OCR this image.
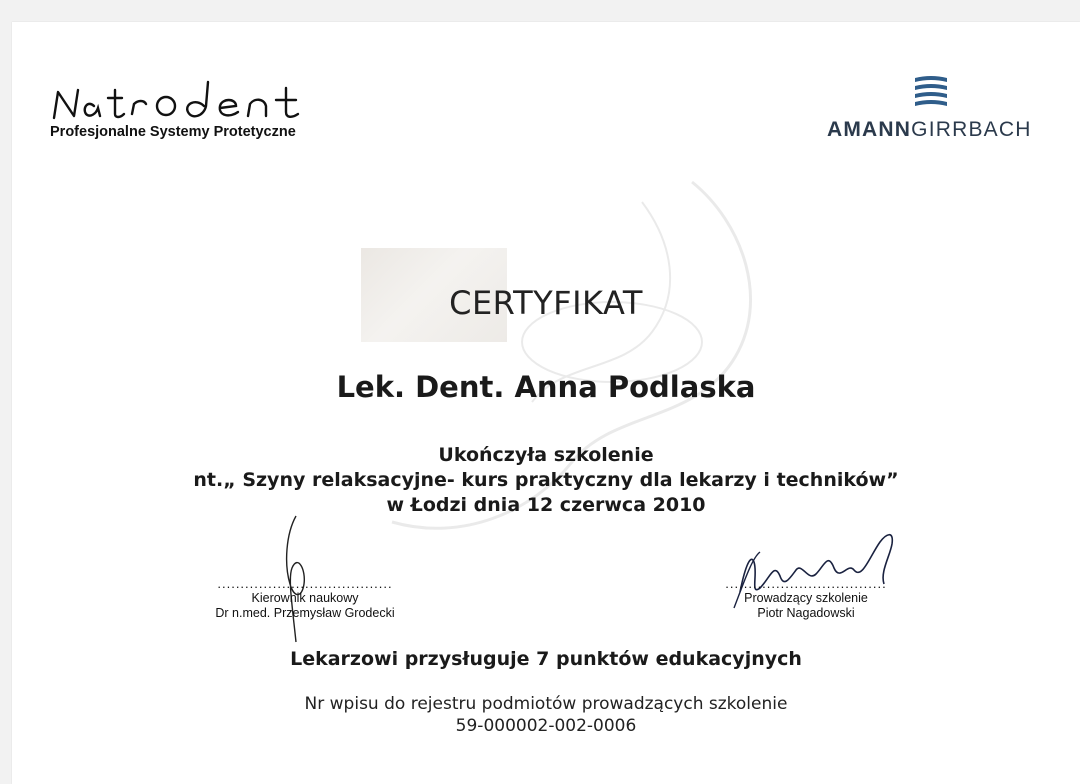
Profesjonalne Systemy Protetyczne	AMANNGIRRBACH
CERTYFIKAT
Lek. Dent. Anna Podlaska
Ukończyła szkolenie
nt.„ Szyny relaksacyjne- kurs praktyczny dla lekarzy i techników”
w Łodzi dnia 12 czerwca 2010
......................................
Kierownik naukowy
Dr n.med. Przemysław Grodecki
...................................
Prowadzący szkolenie
Piotr Nagadowski
Lekarzowi przysługuje 7 punktów edukacyjnych
Nr wpisu do rejestru podmiotów prowadzących szkolenie
59-000002-002-0006
